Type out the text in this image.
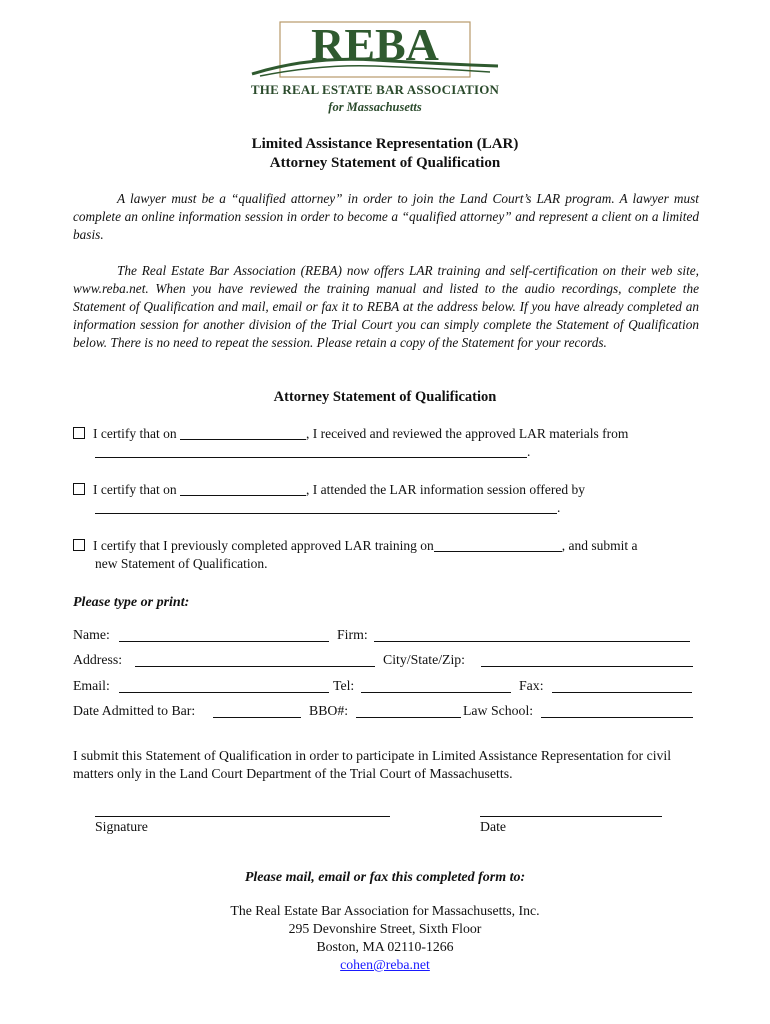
REBA
THE REAL ESTATE BAR ASSOCIATION
for Massachusetts
Limited Assistance Representation (LAR)
Attorney Statement of Qualification
A lawyer must be a “qualified attorney” in order to join the Land Court’s LAR program. A lawyer must complete an online information session in order to become a “qualified attorney” and represent a client on a limited basis.
The Real Estate Bar Association (REBA) now offers LAR training and self-certification on their web site, www.reba.net. When you have reviewed the training manual and listed to the audio recordings, complete the Statement of Qualification and mail, email or fax it to REBA at the address below. If you have already completed an information session for another division of the Trial Court you can simply complete the Statement of Qualification below. There is no need to repeat the session. Please retain a copy of the Statement for your records.
Attorney Statement of Qualification
I certify that on	, I received and reviewed the approved LAR materials from
.
I certify that on	, I attended the LAR information session offered by
.
I certify that I previously completed approved LAR training on	, and submit a
new Statement of Qualification.
Please type or print:
Name:	Firm:
Address:	City/State/Zip:
Email:	Tel:	Fax:
Date Admitted to Bar:	BBO#:	Law School:
I submit this Statement of Qualification in order to participate in Limited Assistance Representation for civil matters only in the Land Court Department of the Trial Court of Massachusetts.
Signature	Date
Please mail, email or fax this completed form to:
The Real Estate Bar Association for Massachusetts, Inc.
295 Devonshire Street, Sixth Floor
Boston, MA 02110-1266
cohen@reba.net
